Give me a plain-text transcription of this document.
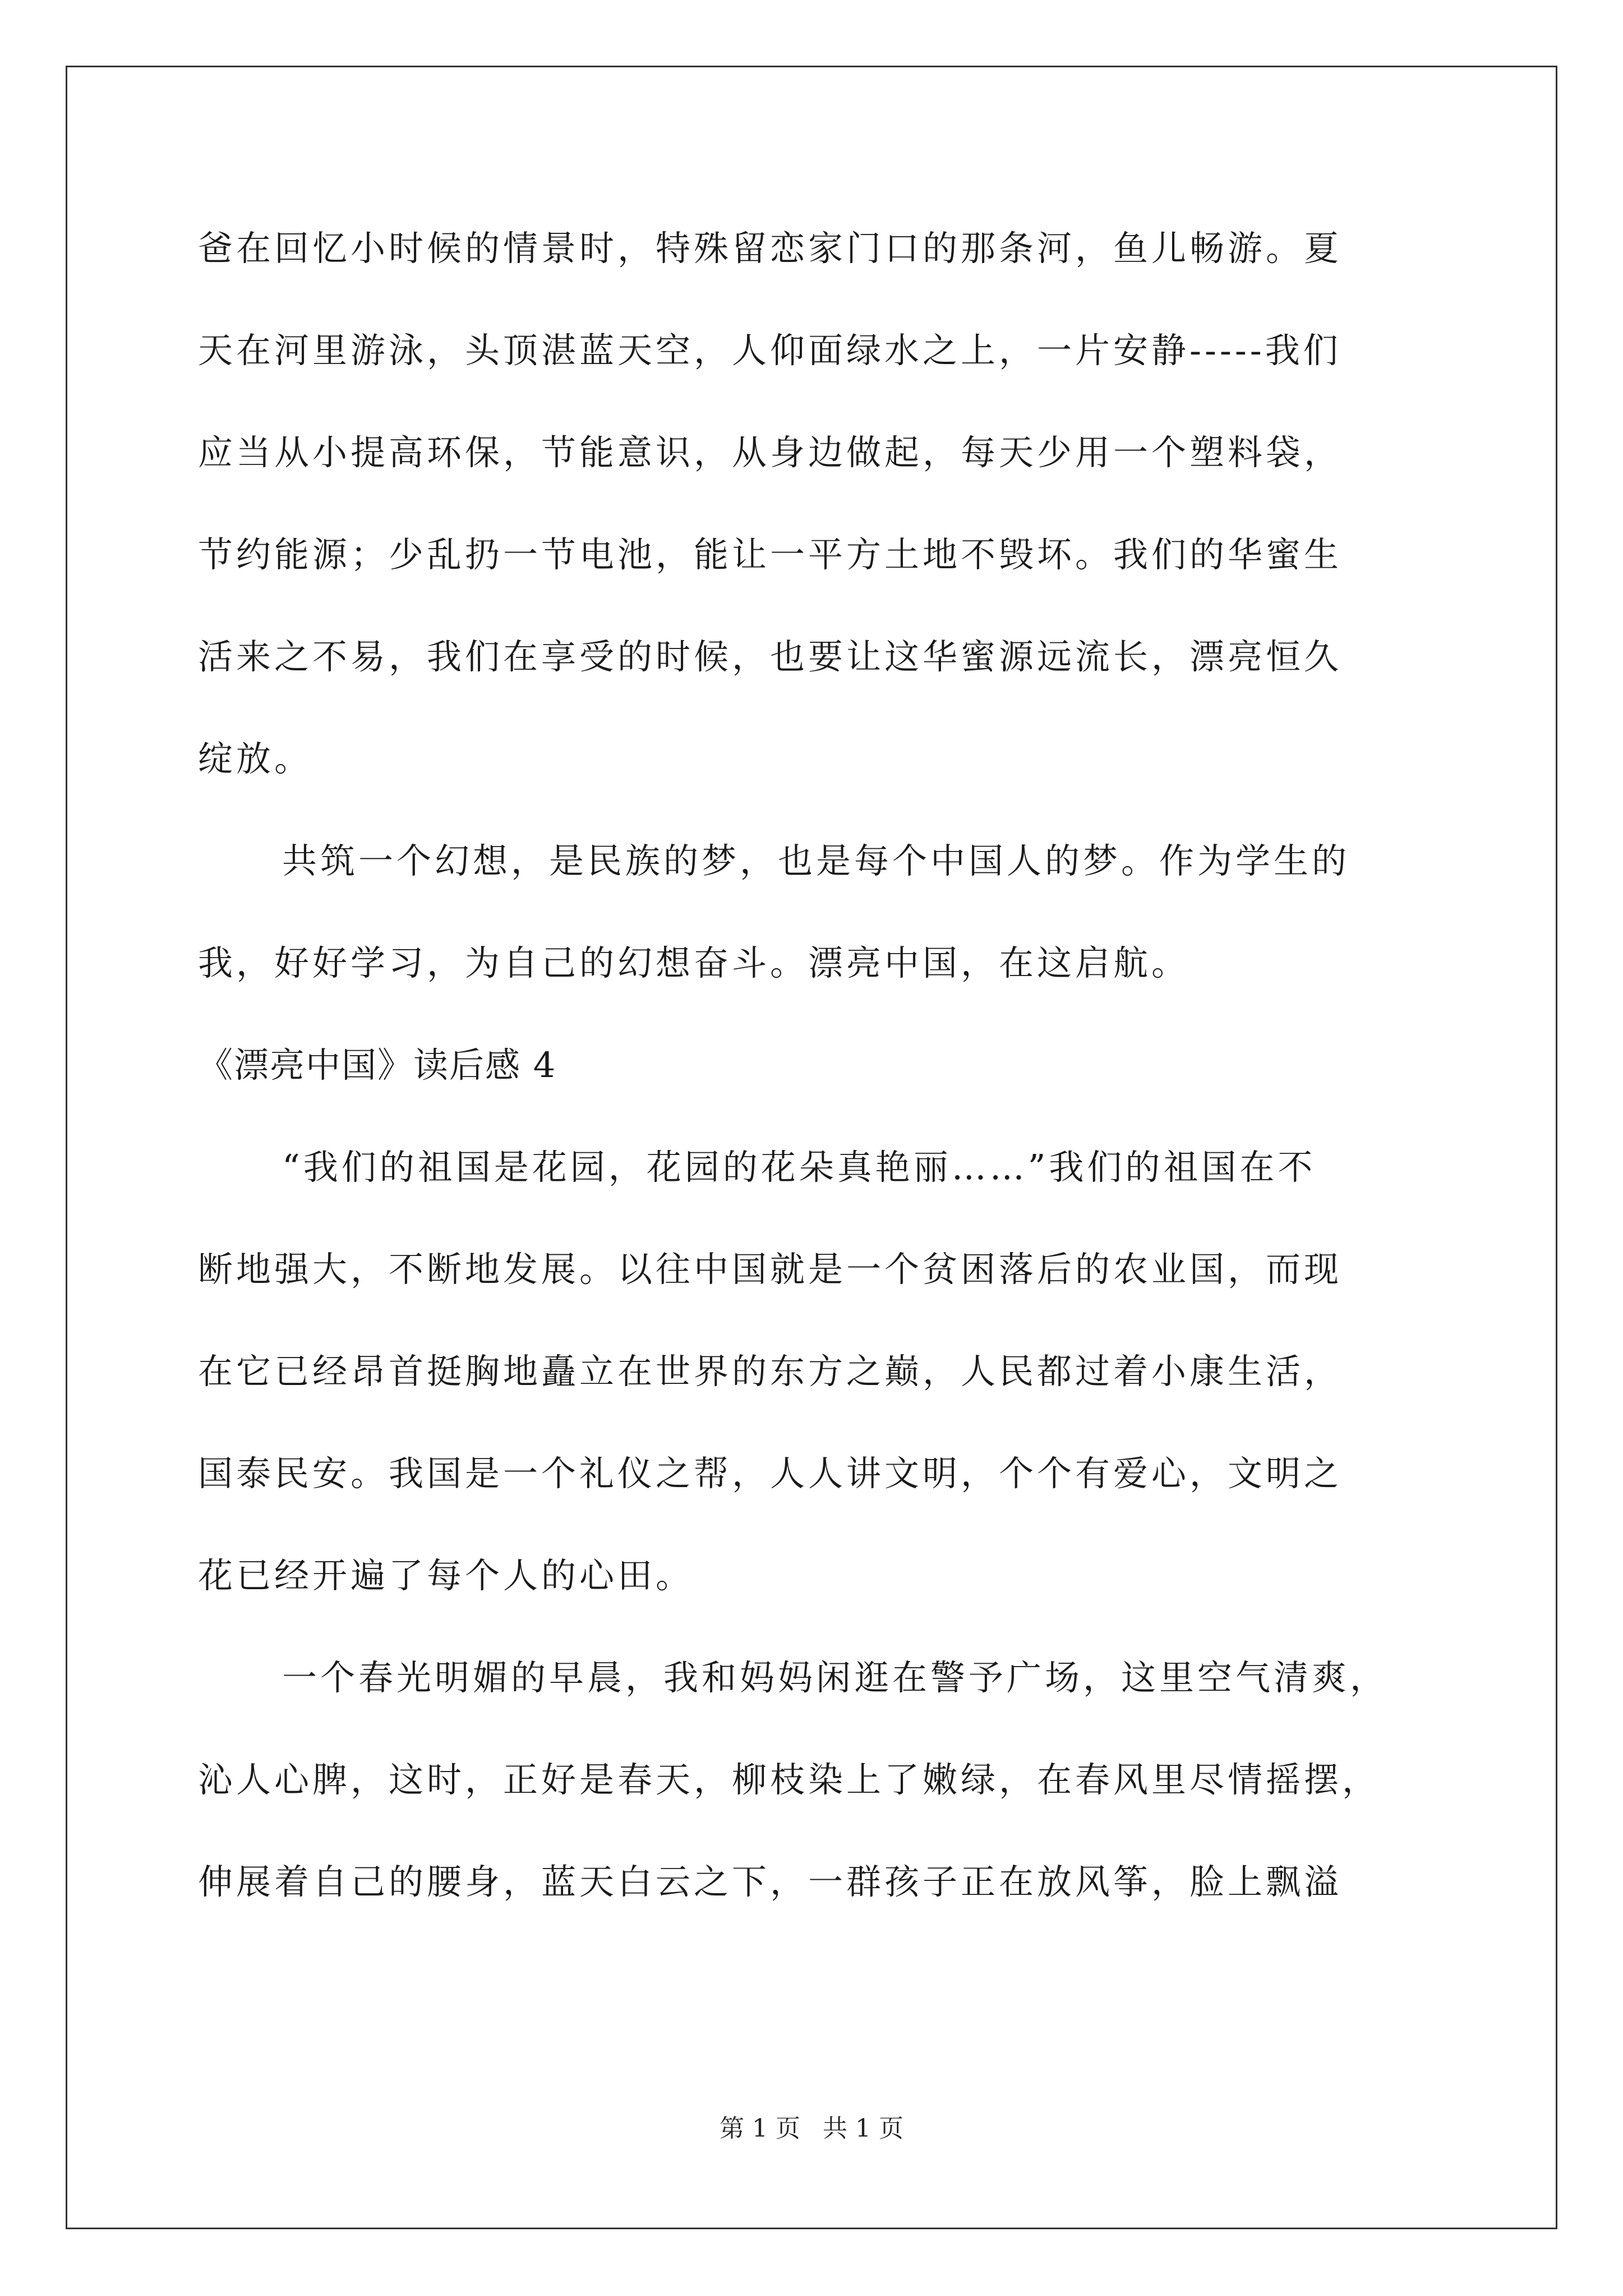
爸在回忆小时候的情景时，特殊留恋家门口的那条河，鱼儿畅游。夏
天在河里游泳，头顶湛蓝天空，人仰面绿水之上，一片安静-----我们
应当从小提高环保，节能意识，从身边做起，每天少用一个塑料袋，
节约能源；少乱扔一节电池，能让一平方土地不毁坏。我们的华蜜生
活来之不易，我们在享受的时候，也要让这华蜜源远流长，漂亮恒久
绽放。
共筑一个幻想，是民族的梦，也是每个中国人的梦。作为学生的
我，好好学习，为自己的幻想奋斗。漂亮中国，在这启航。
《漂亮中国》读后感 4
“我们的祖国是花园，花园的花朵真艳丽……”我们的祖国在不
断地强大，不断地发展。以往中国就是一个贫困落后的农业国，而现
在它已经昂首挺胸地矗立在世界的东方之巅，人民都过着小康生活，
国泰民安。我国是一个礼仪之帮，人人讲文明，个个有爱心，文明之
花已经开遍了每个人的心田。
一个春光明媚的早晨，我和妈妈闲逛在警予广场，这里空气清爽，
沁人心脾，这时，正好是春天，柳枝染上了嫩绿，在春风里尽情摇摆，
伸展着自己的腰身，蓝天白云之下，一群孩子正在放风筝，脸上飘溢
第 1 页 共 1 页
